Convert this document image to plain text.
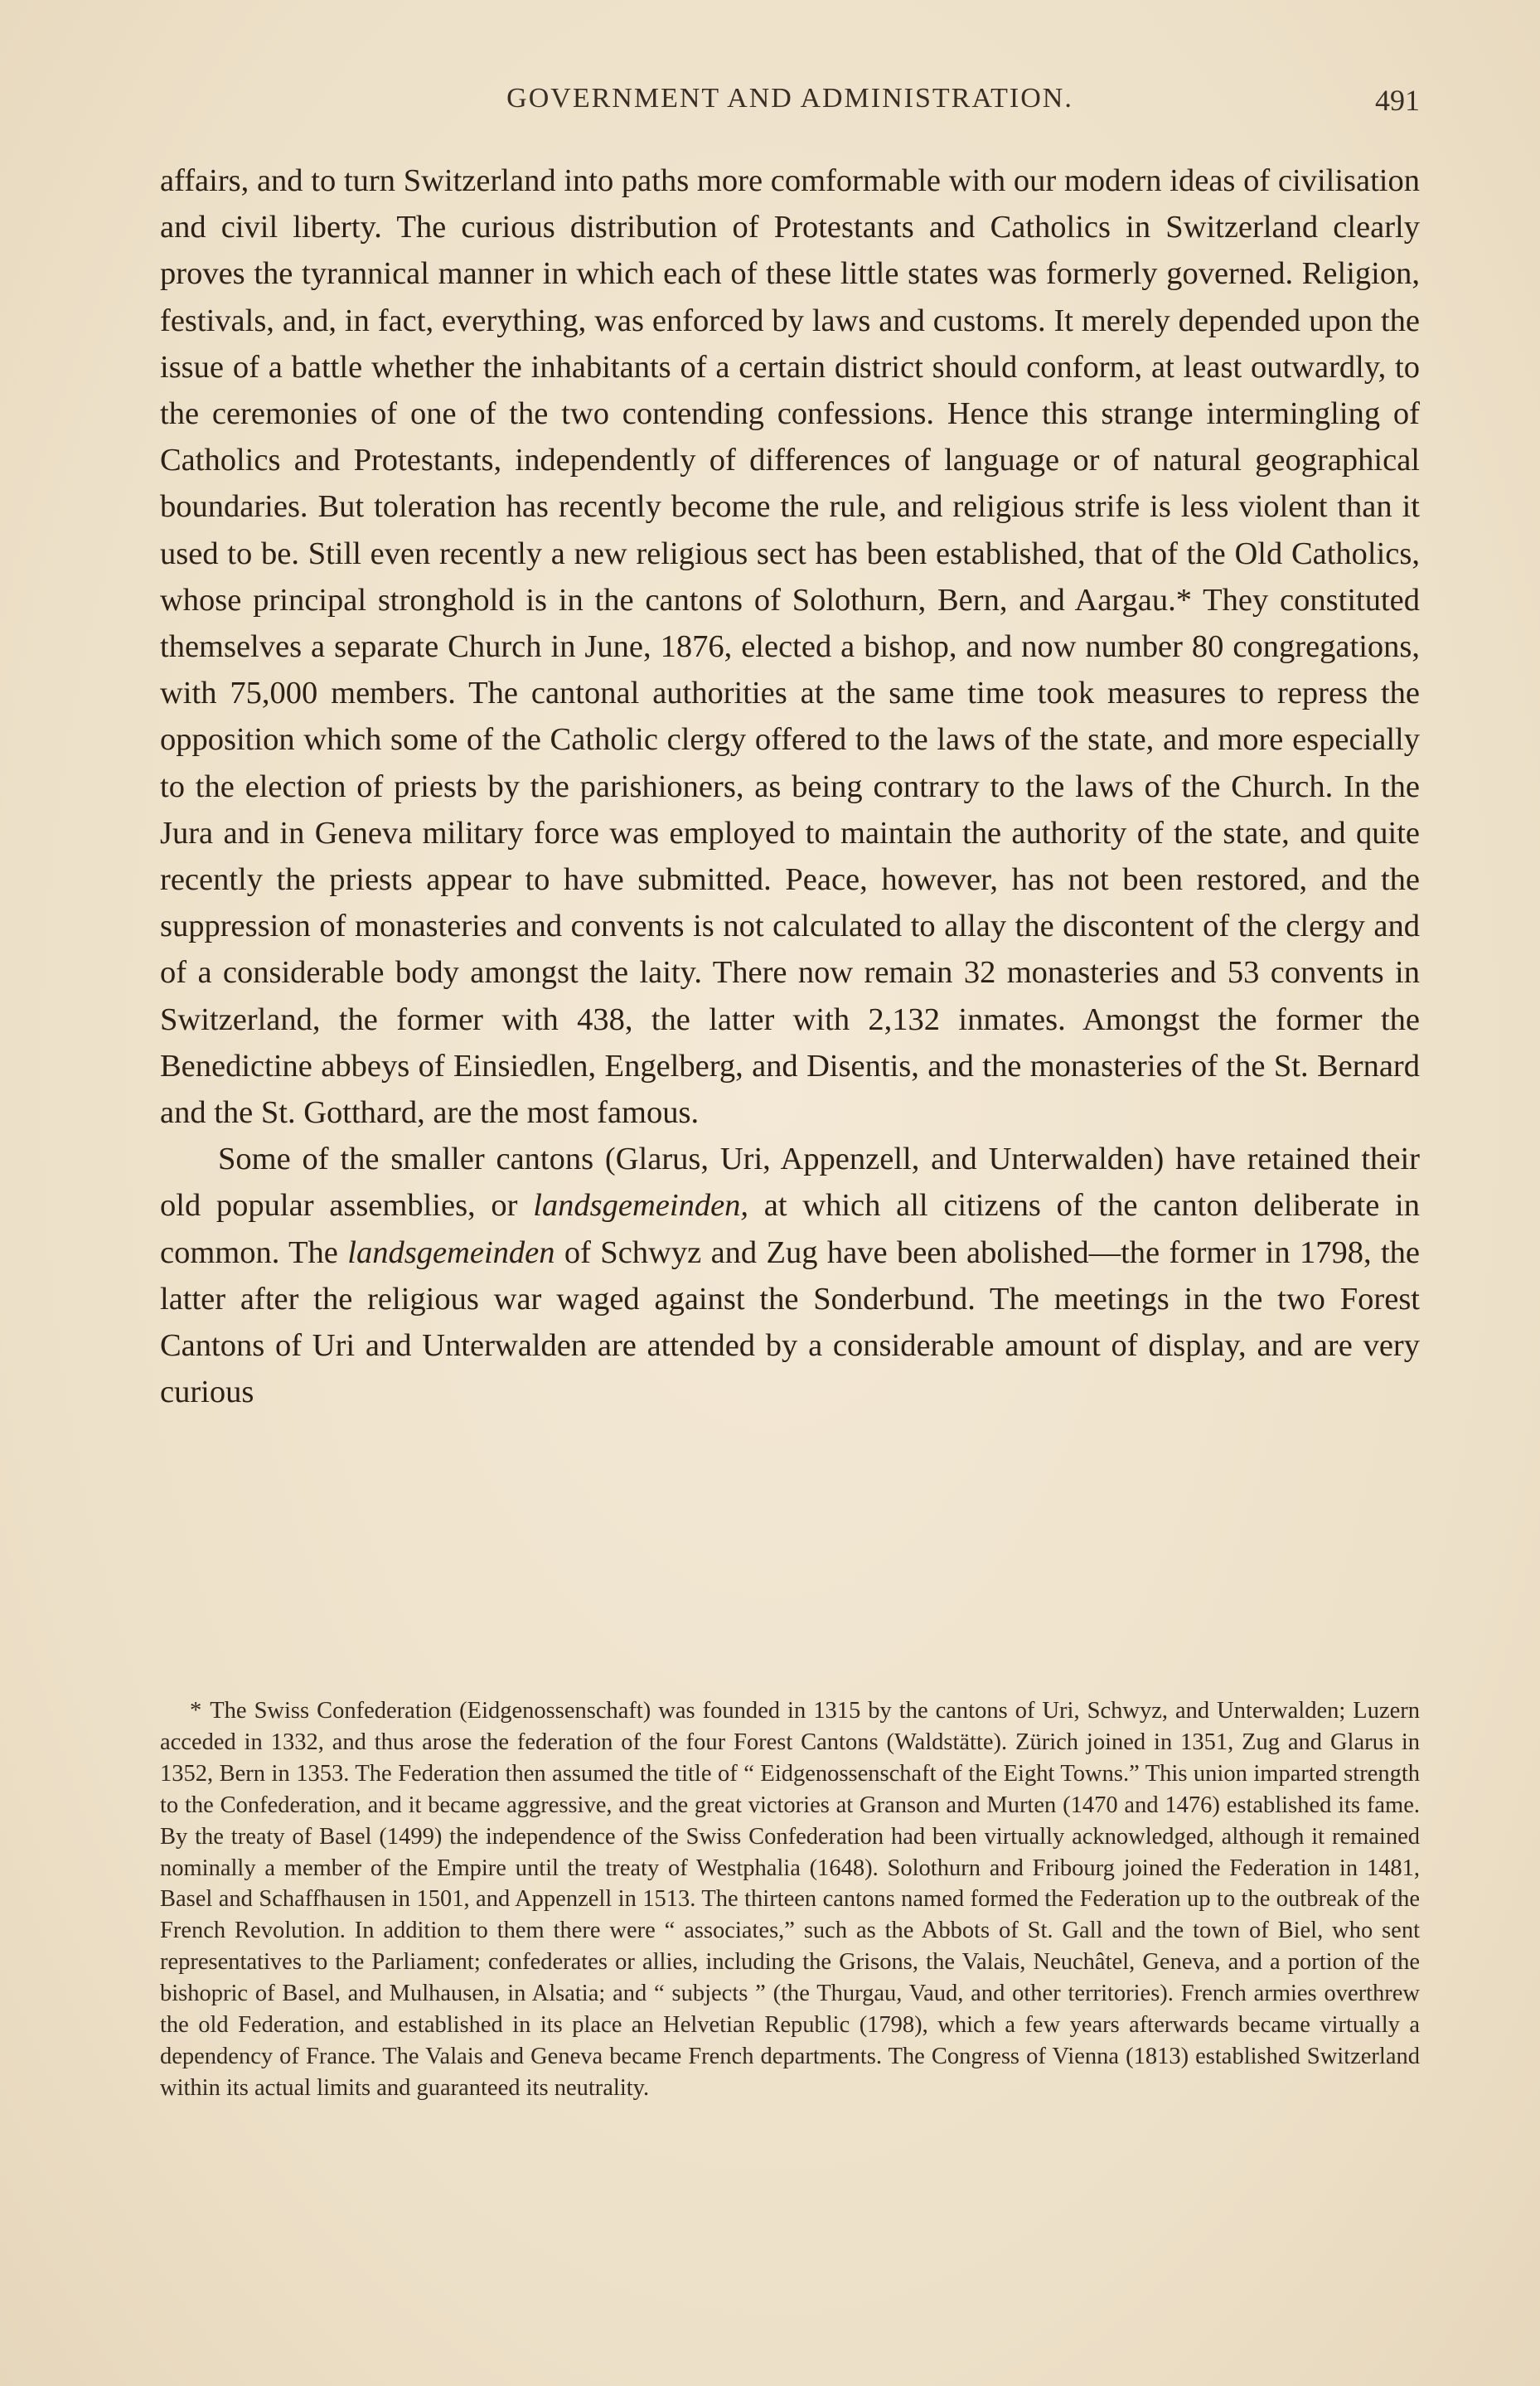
GOVERNMENT AND ADMINISTRATION.	491

affairs, and to turn Switzerland into paths more comformable with our modern ideas of civilisation and civil liberty. The curious distribution of Protestants and Catholics in Switzerland clearly proves the tyrannical manner in which each of these little states was formerly governed. Religion, festivals, and, in fact, everything, was enforced by laws and customs. It merely depended upon the issue of a battle whether the inhabitants of a certain district should conform, at least outwardly, to the ceremonies of one of the two contending confessions. Hence this strange intermingling of Catholics and Protestants, independently of differences of language or of natural geographical boundaries. But toleration has recently become the rule, and religious strife is less violent than it used to be. Still even recently a new religious sect has been established, that of the Old Catholics, whose principal stronghold is in the cantons of Solothurn, Bern, and Aargau.* They constituted themselves a separate Church in June, 1876, elected a bishop, and now number 80 congregations, with 75,000 members. The cantonal authorities at the same time took measures to repress the opposition which some of the Catholic clergy offered to the laws of the state, and more especially to the election of priests by the parishioners, as being contrary to the laws of the Church. In the Jura and in Geneva military force was employed to maintain the authority of the state, and quite recently the priests appear to have submitted. Peace, however, has not been restored, and the suppression of monasteries and convents is not calculated to allay the discontent of the clergy and of a considerable body amongst the laity. There now remain 32 monasteries and 53 convents in Switzerland, the former with 438, the latter with 2,132 inmates. Amongst the former the Benedictine abbeys of Einsiedlen, Engelberg, and Disentis, and the monasteries of the St. Bernard and the St. Gotthard, are the most famous.

Some of the smaller cantons (Glarus, Uri, Appenzell, and Unterwalden) have retained their old popular assemblies, or landsgemeinden, at which all citizens of the canton deliberate in common. The landsgemeinden of Schwyz and Zug have been abolished—the former in 1798, the latter after the religious war waged against the Sonderbund. The meetings in the two Forest Cantons of Uri and Unterwalden are attended by a considerable amount of display, and are very curious

* The Swiss Confederation (Eidgenossenschaft) was founded in 1315 by the cantons of Uri, Schwyz, and Unterwalden; Luzern acceded in 1332, and thus arose the federation of the four Forest Cantons (Waldstätte). Zürich joined in 1351, Zug and Glarus in 1352, Bern in 1353. The Federation then assumed the title of “ Eidgenossenschaft of the Eight Towns.” This union imparted strength to the Confederation, and it became aggressive, and the great victories at Granson and Murten (1470 and 1476) established its fame. By the treaty of Basel (1499) the independence of the Swiss Confederation had been virtually acknowledged, although it remained nominally a member of the Empire until the treaty of Westphalia (1648). Solothurn and Fribourg joined the Federation in 1481, Basel and Schaffhausen in 1501, and Appenzell in 1513. The thirteen cantons named formed the Federation up to the outbreak of the French Revolution. In addition to them there were “ associates,” such as the Abbots of St. Gall and the town of Biel, who sent representatives to the Parliament; confederates or allies, including the Grisons, the Valais, Neuchâtel, Geneva, and a portion of the bishopric of Basel, and Mulhausen, in Alsatia; and “ subjects ” (the Thurgau, Vaud, and other territories). French armies overthrew the old Federation, and established in its place an Helvetian Republic (1798), which a few years afterwards became virtually a dependency of France. The Valais and Geneva became French departments. The Congress of Vienna (1813) established Switzerland within its actual limits and guaranteed its neutrality.
